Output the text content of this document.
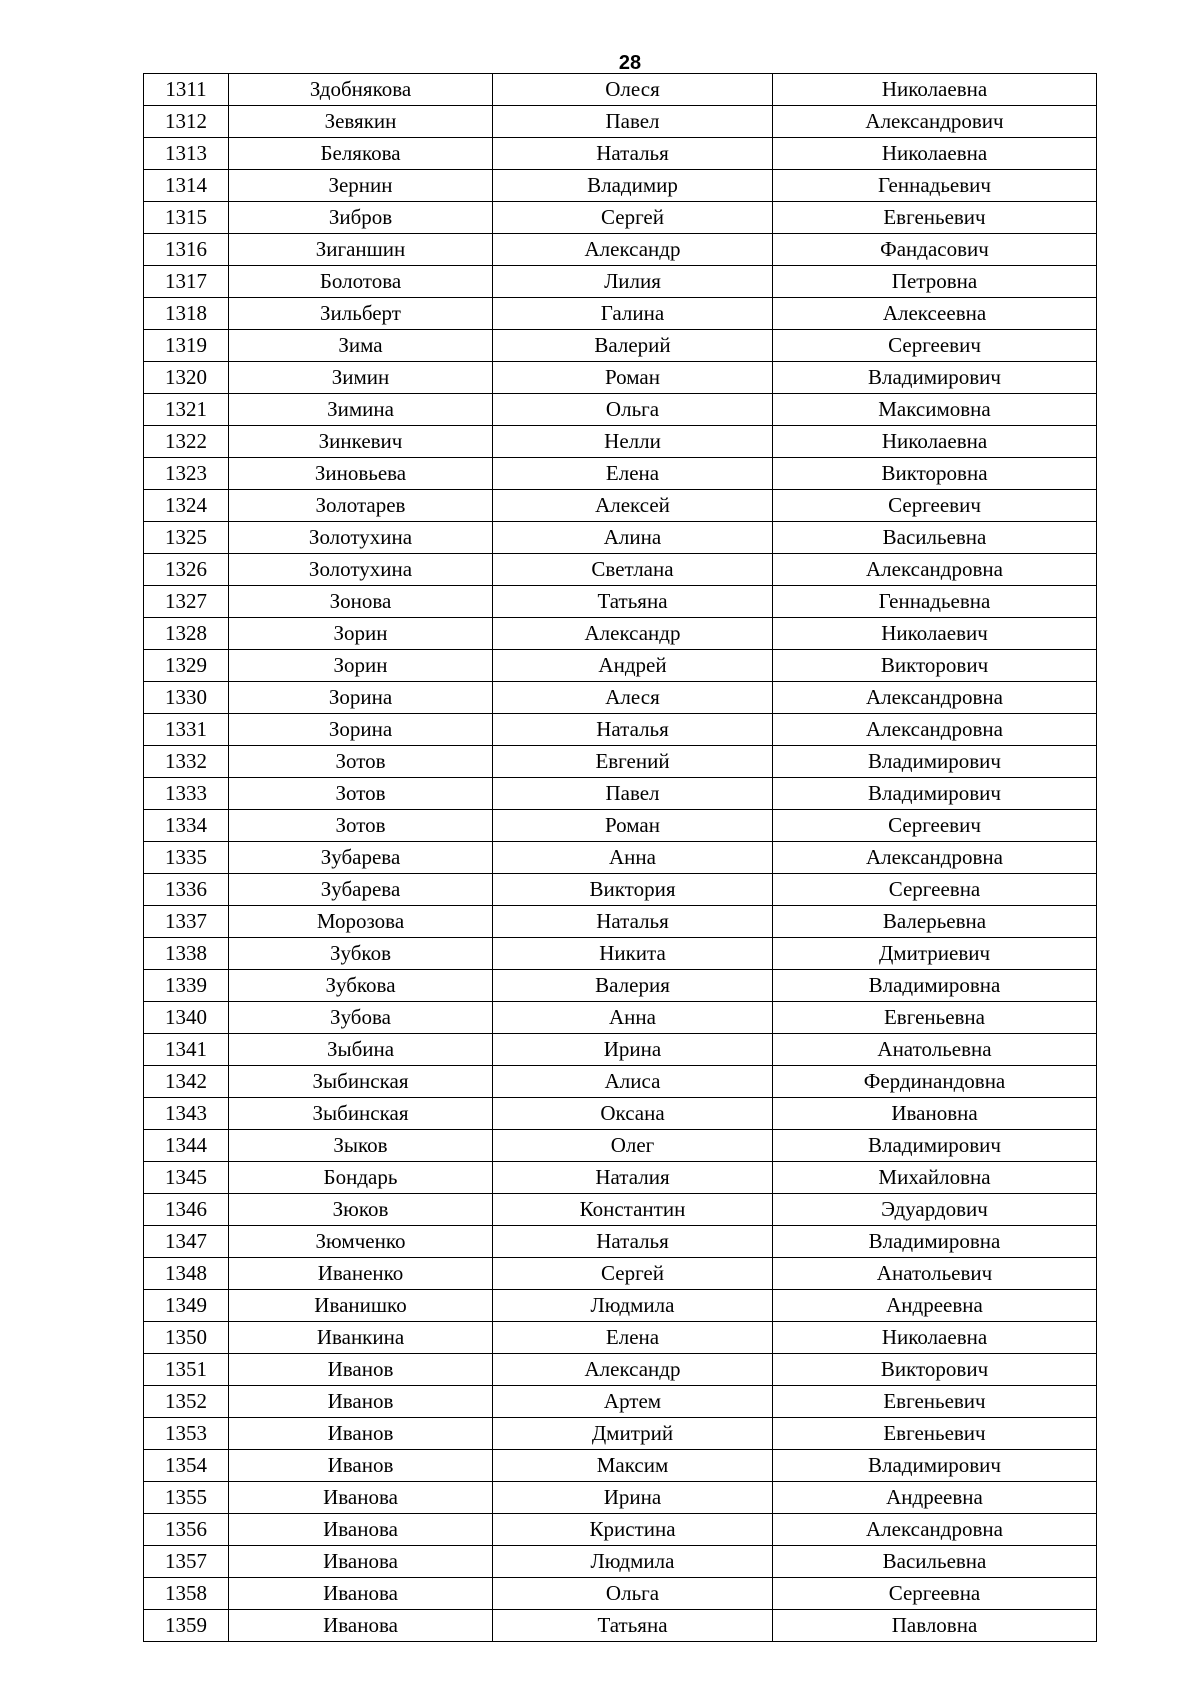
28
1311	Здобнякова	Олеся	Николаевна
1312	Зевякин	Павел	Александрович
1313	Белякова	Наталья	Николаевна
1314	Зернин	Владимир	Геннадьевич
1315	Зибров	Сергей	Евгеньевич
1316	Зиганшин	Александр	Фандасович
1317	Болотова	Лилия	Петровна
1318	Зильберт	Галина	Алексеевна
1319	Зима	Валерий	Сергеевич
1320	Зимин	Роман	Владимирович
1321	Зимина	Ольга	Максимовна
1322	Зинкевич	Нелли	Николаевна
1323	Зиновьева	Елена	Викторовна
1324	Золотарев	Алексей	Сергеевич
1325	Золотухина	Алина	Васильевна
1326	Золотухина	Светлана	Александровна
1327	Зонова	Татьяна	Геннадьевна
1328	Зорин	Александр	Николаевич
1329	Зорин	Андрей	Викторович
1330	Зорина	Алеся	Александровна
1331	Зорина	Наталья	Александровна
1332	Зотов	Евгений	Владимирович
1333	Зотов	Павел	Владимирович
1334	Зотов	Роман	Сергеевич
1335	Зубарева	Анна	Александровна
1336	Зубарева	Виктория	Сергеевна
1337	Морозова	Наталья	Валерьевна
1338	Зубков	Никита	Дмитриевич
1339	Зубкова	Валерия	Владимировна
1340	Зубова	Анна	Евгеньевна
1341	Зыбина	Ирина	Анатольевна
1342	Зыбинская	Алиса	Фердинандовна
1343	Зыбинская	Оксана	Ивановна
1344	Зыков	Олег	Владимирович
1345	Бондарь	Наталия	Михайловна
1346	Зюков	Константин	Эдуардович
1347	Зюмченко	Наталья	Владимировна
1348	Иваненко	Сергей	Анатольевич
1349	Иванишко	Людмила	Андреевна
1350	Иванкина	Елена	Николаевна
1351	Иванов	Александр	Викторович
1352	Иванов	Артем	Евгеньевич
1353	Иванов	Дмитрий	Евгеньевич
1354	Иванов	Максим	Владимирович
1355	Иванова	Ирина	Андреевна
1356	Иванова	Кристина	Александровна
1357	Иванова	Людмила	Васильевна
1358	Иванова	Ольга	Сергеевна
1359	Иванова	Татьяна	Павловна
